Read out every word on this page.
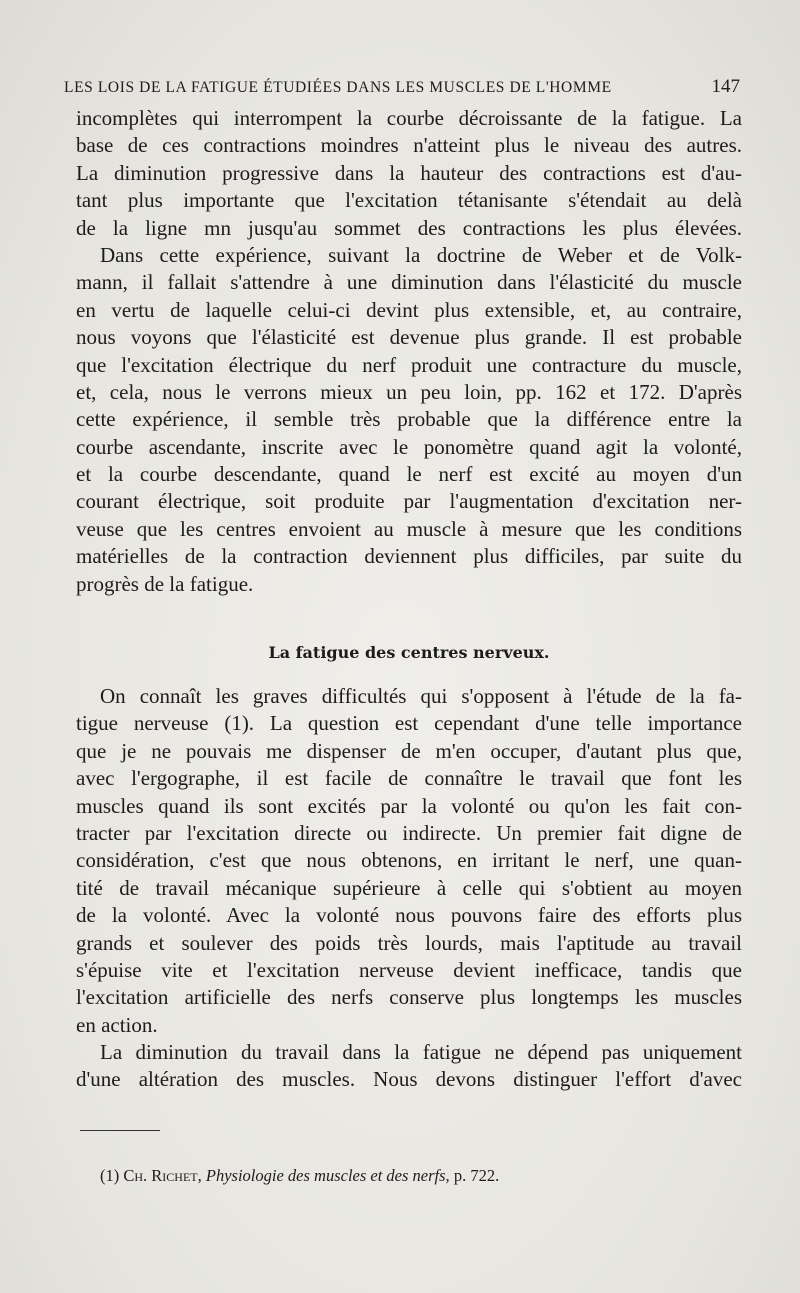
LES LOIS DE LA FATIGUE ÉTUDIÉES DANS LES MUSCLES DE L'HOMME	147
incomplètes qui interrompent la courbe décroissante de la fatigue. La
base de ces contractions moindres n'atteint plus le niveau des autres.
La diminution progressive dans la hauteur des contractions est d'au-
tant plus importante que l'excitation tétanisante s'étendait au delà
de la ligne mn jusqu'au sommet des contractions les plus élevées.
Dans cette expérience, suivant la doctrine de Weber et de Volk-
mann, il fallait s'attendre à une diminution dans l'élasticité du muscle
en vertu de laquelle celui-ci devint plus extensible, et, au contraire,
nous voyons que l'élasticité est devenue plus grande. Il est probable
que l'excitation électrique du nerf produit une contracture du muscle,
et, cela, nous le verrons mieux un peu loin, pp. 162 et 172. D'après
cette expérience, il semble très probable que la différence entre la
courbe ascendante, inscrite avec le ponomètre quand agit la volonté,
et la courbe descendante, quand le nerf est excité au moyen d'un
courant électrique, soit produite par l'augmentation d'excitation ner-
veuse que les centres envoient au muscle à mesure que les conditions
matérielles de la contraction deviennent plus difficiles, par suite du
progrès de la fatigue.
La fatigue des centres nerveux.
On connaît les graves difficultés qui s'opposent à l'étude de la fa-
tigue nerveuse (1). La question est cependant d'une telle importance
que je ne pouvais me dispenser de m'en occuper, d'autant plus que,
avec l'ergographe, il est facile de connaître le travail que font les
muscles quand ils sont excités par la volonté ou qu'on les fait con-
tracter par l'excitation directe ou indirecte. Un premier fait digne de
considération, c'est que nous obtenons, en irritant le nerf, une quan-
tité de travail mécanique supérieure à celle qui s'obtient au moyen
de la volonté. Avec la volonté nous pouvons faire des efforts plus
grands et soulever des poids très lourds, mais l'aptitude au travail
s'épuise vite et l'excitation nerveuse devient inefficace, tandis que
l'excitation artificielle des nerfs conserve plus longtemps les muscles
en action.
La diminution du travail dans la fatigue ne dépend pas uniquement
d'une altération des muscles. Nous devons distinguer l'effort d'avec
(1) Ch. Richet, Physiologie des muscles et des nerfs, p. 722.
